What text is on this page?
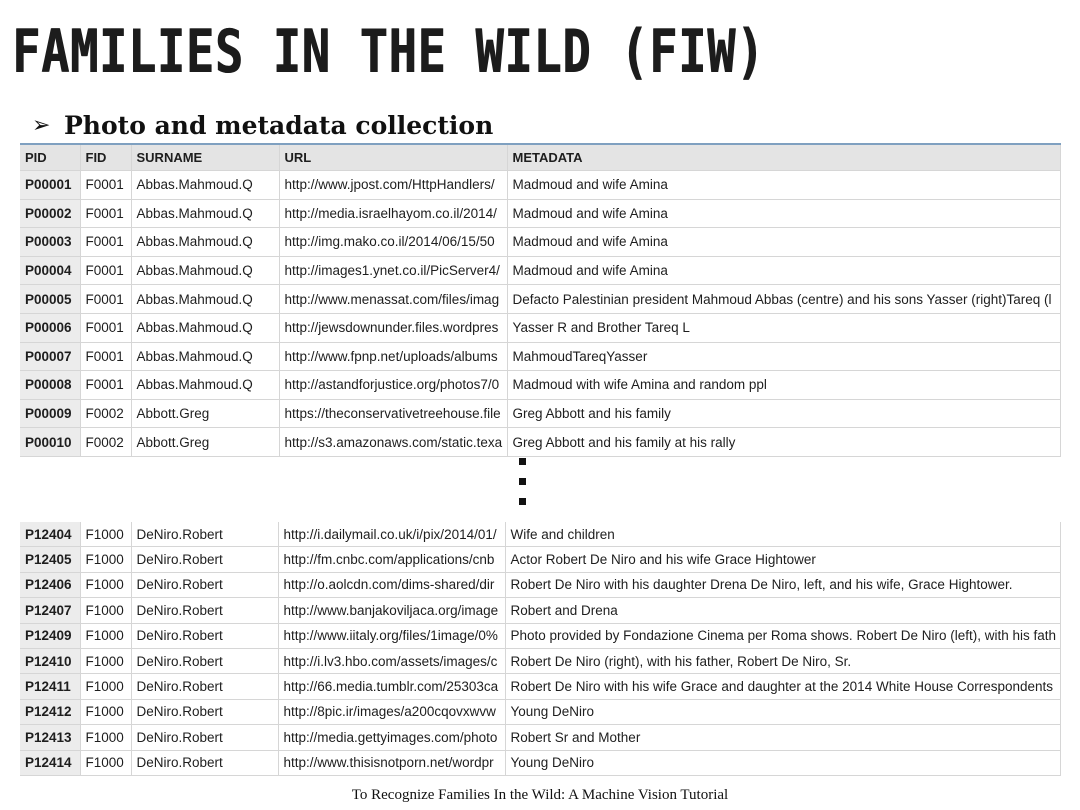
FAMILIES IN THE WILD (FIW)
➢ Photo and metadata collection
PID	FID	SURNAME	URL	METADATA
P00001	F0001	Abbas.Mahmoud.Q	http://www.jpost.com/HttpHandlers/	Madmoud and wife Amina
P00002	F0001	Abbas.Mahmoud.Q	http://media.israelhayom.co.il/2014/	Madmoud and wife Amina
P00003	F0001	Abbas.Mahmoud.Q	http://img.mako.co.il/2014/06/15/50	Madmoud and wife Amina
P00004	F0001	Abbas.Mahmoud.Q	http://images1.ynet.co.il/PicServer4/	Madmoud and wife Amina
P00005	F0001	Abbas.Mahmoud.Q	http://www.menassat.com/files/imag	Defacto Palestinian president Mahmoud Abbas (centre) and his sons Yasser (right)Tareq (l
P00006	F0001	Abbas.Mahmoud.Q	http://jewsdownunder.files.wordpres	Yasser R and Brother Tareq L
P00007	F0001	Abbas.Mahmoud.Q	http://www.fpnp.net/uploads/albums	MahmoudTareqYasser
P00008	F0001	Abbas.Mahmoud.Q	http://astandforjustice.org/photos7/0	Madmoud with wife Amina and random ppl
P00009	F0002	Abbott.Greg	https://theconservativetreehouse.file	Greg Abbott and his family
P00010	F0002	Abbott.Greg	http://s3.amazonaws.com/static.texa	Greg Abbott and his family at his rally
P12404	F1000	DeNiro.Robert	http://i.dailymail.co.uk/i/pix/2014/01/	Wife and children
P12405	F1000	DeNiro.Robert	http://fm.cnbc.com/applications/cnb	Actor Robert De Niro and his wife Grace Hightower
P12406	F1000	DeNiro.Robert	http://o.aolcdn.com/dims-shared/dir	Robert De Niro with his daughter Drena De Niro, left, and his wife, Grace Hightower.
P12407	F1000	DeNiro.Robert	http://www.banjakoviljaca.org/image	Robert and Drena
P12409	F1000	DeNiro.Robert	http://www.iitaly.org/files/1image/0%	Photo provided by Fondazione Cinema per Roma shows. Robert De Niro (left), with his fath
P12410	F1000	DeNiro.Robert	http://i.lv3.hbo.com/assets/images/c	Robert De Niro (right), with his father, Robert De Niro, Sr.
P12411	F1000	DeNiro.Robert	http://66.media.tumblr.com/25303ca	Robert De Niro with his wife Grace and daughter at the 2014 White House Correspondents
P12412	F1000	DeNiro.Robert	http://8pic.ir/images/a200cqovxwvw	Young DeNiro
P12413	F1000	DeNiro.Robert	http://media.gettyimages.com/photo	Robert Sr and Mother
P12414	F1000	DeNiro.Robert	http://www.thisisnotporn.net/wordpr	Young DeNiro
To Recognize Families In the Wild: A Machine Vision Tutorial
